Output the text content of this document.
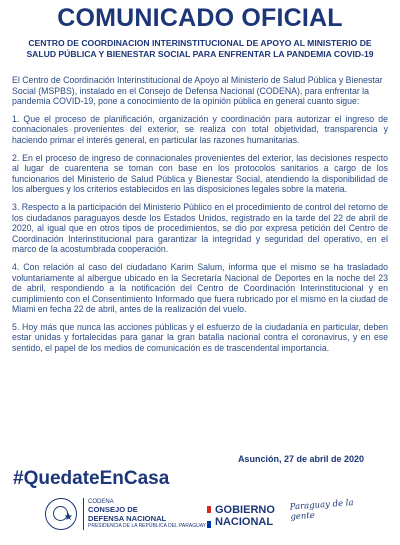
COMUNICADO OFICIAL
CENTRO DE COORDINACION INTERINSTITUCIONAL DE APOYO AL MINISTERIO DE
SALUD PÚBLICA Y BIENESTAR SOCIAL PARA ENFRENTAR LA PANDEMIA COVID-19

El Centro de Coordinación Interinstitucional de Apoyo al Ministerio de Salud Pública y Bienestar Social (MSPBS), instalado en el Consejo de Defensa Nacional (CODENA), para enfrentar la pandemia COVID-19, pone a conocimiento de la opinión pública en general cuanto sigue:

1. Que el proceso de planificación, organización y coordinación para autorizar el ingreso de connacionales provenientes del exterior, se realiza con total objetividad, transparencia y haciendo primar el interés general, en particular las razones humanitarias.

2. En el proceso de ingreso de connacionales provenientes del exterior, las decisiones respecto al lugar de cuarentena se toman con base en los protocolos sanitarios a cargo de los funcionarios del Ministerio de Salud Pública y Bienestar Social, atendiendo la disponibilidad de los albergues y los criterios establecidos en las disposiciones legales sobre la materia.

3. Respecto a la participación del Ministerio Público en el procedimiento de control del retorno de los ciudadanos paraguayos desde los Estados Unidos, registrado en la tarde del 22 de abril de 2020, al igual que en otros tipos de procedimientos, se dio por expresa petición del Centro de Coordinación Interinstitucional para garantizar la integridad y seguridad del operativo, en el marco de la acostumbrada cooperación.

4. Con relación al caso del ciudadano Karim Salum, informa que el mismo se ha trasladado voluntariamente al albergue ubicado en la Secretaría Nacional de Deportes en la noche del 23 de abril, respondiendo a la notificación del Centro de Coordinación Interinstitucional y en cumplimiento con el Consentimiento Informado que fuera rubricado por el mismo en la ciudad de Miami en fecha 22 de abril, antes de la realización del vuelo.

5. Hoy más que nunca las acciones públicas y el esfuerzo de la ciudadanía en particular, deben estar unidas y fortalecidas para ganar la gran batalla nacional contra el coronavirus, y en ese sentido, el papel de los medios de comunicación es de trascendental importancia.

Asunción, 27 de abril de 2020
#QuedateEnCasa
★
CODENA
CONSEJO DE
DEFENSA NACIONAL
PRESIDENCIA DE LA REPÚBLICA DEL PARAGUAY
GOBIERNO
NACIONAL
Paraguay de la gente
